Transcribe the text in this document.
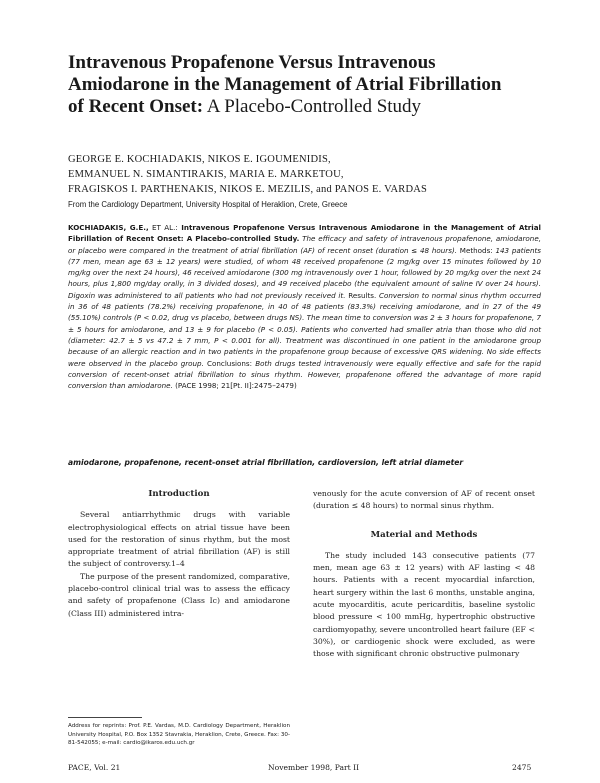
Intravenous Propafenone Versus Intravenous Amiodarone in the Management of Atrial Fibrillation of Recent Onset: A Placebo-Controlled Study
GEORGE E. KOCHIADAKIS, NIKOS E. IGOUMENIDIS,
EMMANUEL N. SIMANTIRAKIS, MARIA E. MARKETOU,
FRAGISKOS I. PARTHENAKIS, NIKOS E. MEZILIS, and PANOS E. VARDAS
From the Cardiology Department, University Hospital of Heraklion, Crete, Greece

KOCHIADAKIS, G.E., ET AL.: Intravenous Propafenone Versus Intravenous Amiodarone in the Management of Atrial Fibrillation of Recent Onset: A Placebo-controlled Study. The efficacy and safety of intravenous propafenone, amiodarone, or placebo were compared in the treatment of atrial fibrillation (AF) of recent onset (duration ≤ 48 hours). Methods: 143 patients (77 men, mean age 63 ± 12 years) were studied, of whom 48 received propafenone (2 mg/kg over 15 minutes followed by 10 mg/kg over the next 24 hours), 46 received amiodarone (300 mg intravenously over 1 hour, followed by 20 mg/kg over the next 24 hours, plus 1,800 mg/day orally, in 3 divided doses), and 49 received placebo (the equivalent amount of saline IV over 24 hours). Digoxin was administered to all patients who had not previously received it. Results. Conversion to normal sinus rhythm occurred in 36 of 48 patients (78.2%) receiving propafenone, in 40 of 48 patients (83.3%) receiving amiodarone, and in 27 of the 49 (55.10%) controls (P < 0.02, drug vs placebo, between drugs NS). The mean time to conversion was 2 ± 3 hours for propafenone, 7 ± 5 hours for amiodarone, and 13 ± 9 for placebo (P < 0.05). Patients who converted had smaller atria than those who did not (diameter: 42.7 ± 5 vs 47.2 ± 7 mm, P < 0.001 for all). Treatment was discontinued in one patient in the amiodarone group because of an allergic reaction and in two patients in the propafenone group because of excessive QRS widening. No side effects were observed in the placebo group. Conclusions: Both drugs tested intravenously were equally effective and safe for the rapid conversion of recent-onset atrial fibrillation to sinus rhythm. However, propafenone offered the advantage of more rapid conversion than amiodarone. (PACE 1998; 21[Pt. II]:2475–2479)

amiodarone, propafenone, recent-onset atrial fibrillation, cardioversion, left atrial diameter
Introduction

Several antiarrhythmic drugs with variable electrophysiological effects on atrial tissue have been used for the restoration of sinus rhythm, but the most appropriate treatment of atrial fibrillation (AF) is still the subject of controversy.1–4

The purpose of the present randomized, comparative, placebo-control clinical trial was to assess the efficacy and safety of propafenone (Class Ic) and amiodarone (Class III) administered intra-

venously for the acute conversion of AF of recent onset (duration ≤ 48 hours) to normal sinus rhythm.

Material and Methods

The study included 143 consecutive patients (77 men, mean age 63 ± 12 years) with AF lasting < 48 hours. Patients with a recent myocardial infarction, heart surgery within the last 6 months, unstable angina, acute myocarditis, acute pericarditis, baseline systolic blood pressure < 100 mmHg, hypertrophic obstructive cardiomyopathy, severe uncontrolled heart failure (EF < 30%), or cardiogenic shock were excluded, as were those with significant chronic obstructive pulmonary

Address for reprints: Prof. P.E. Vardas, M.D. Cardiology Department, Heraklion University Hospital, P.O. Box 1352 Stavrakia, Heraklion, Crete, Greece. Fax: 30-81-542055; e-mail: cardio@ikaros.edu.uch.gr

PACE, Vol. 21	November 1998, Part II	2475
